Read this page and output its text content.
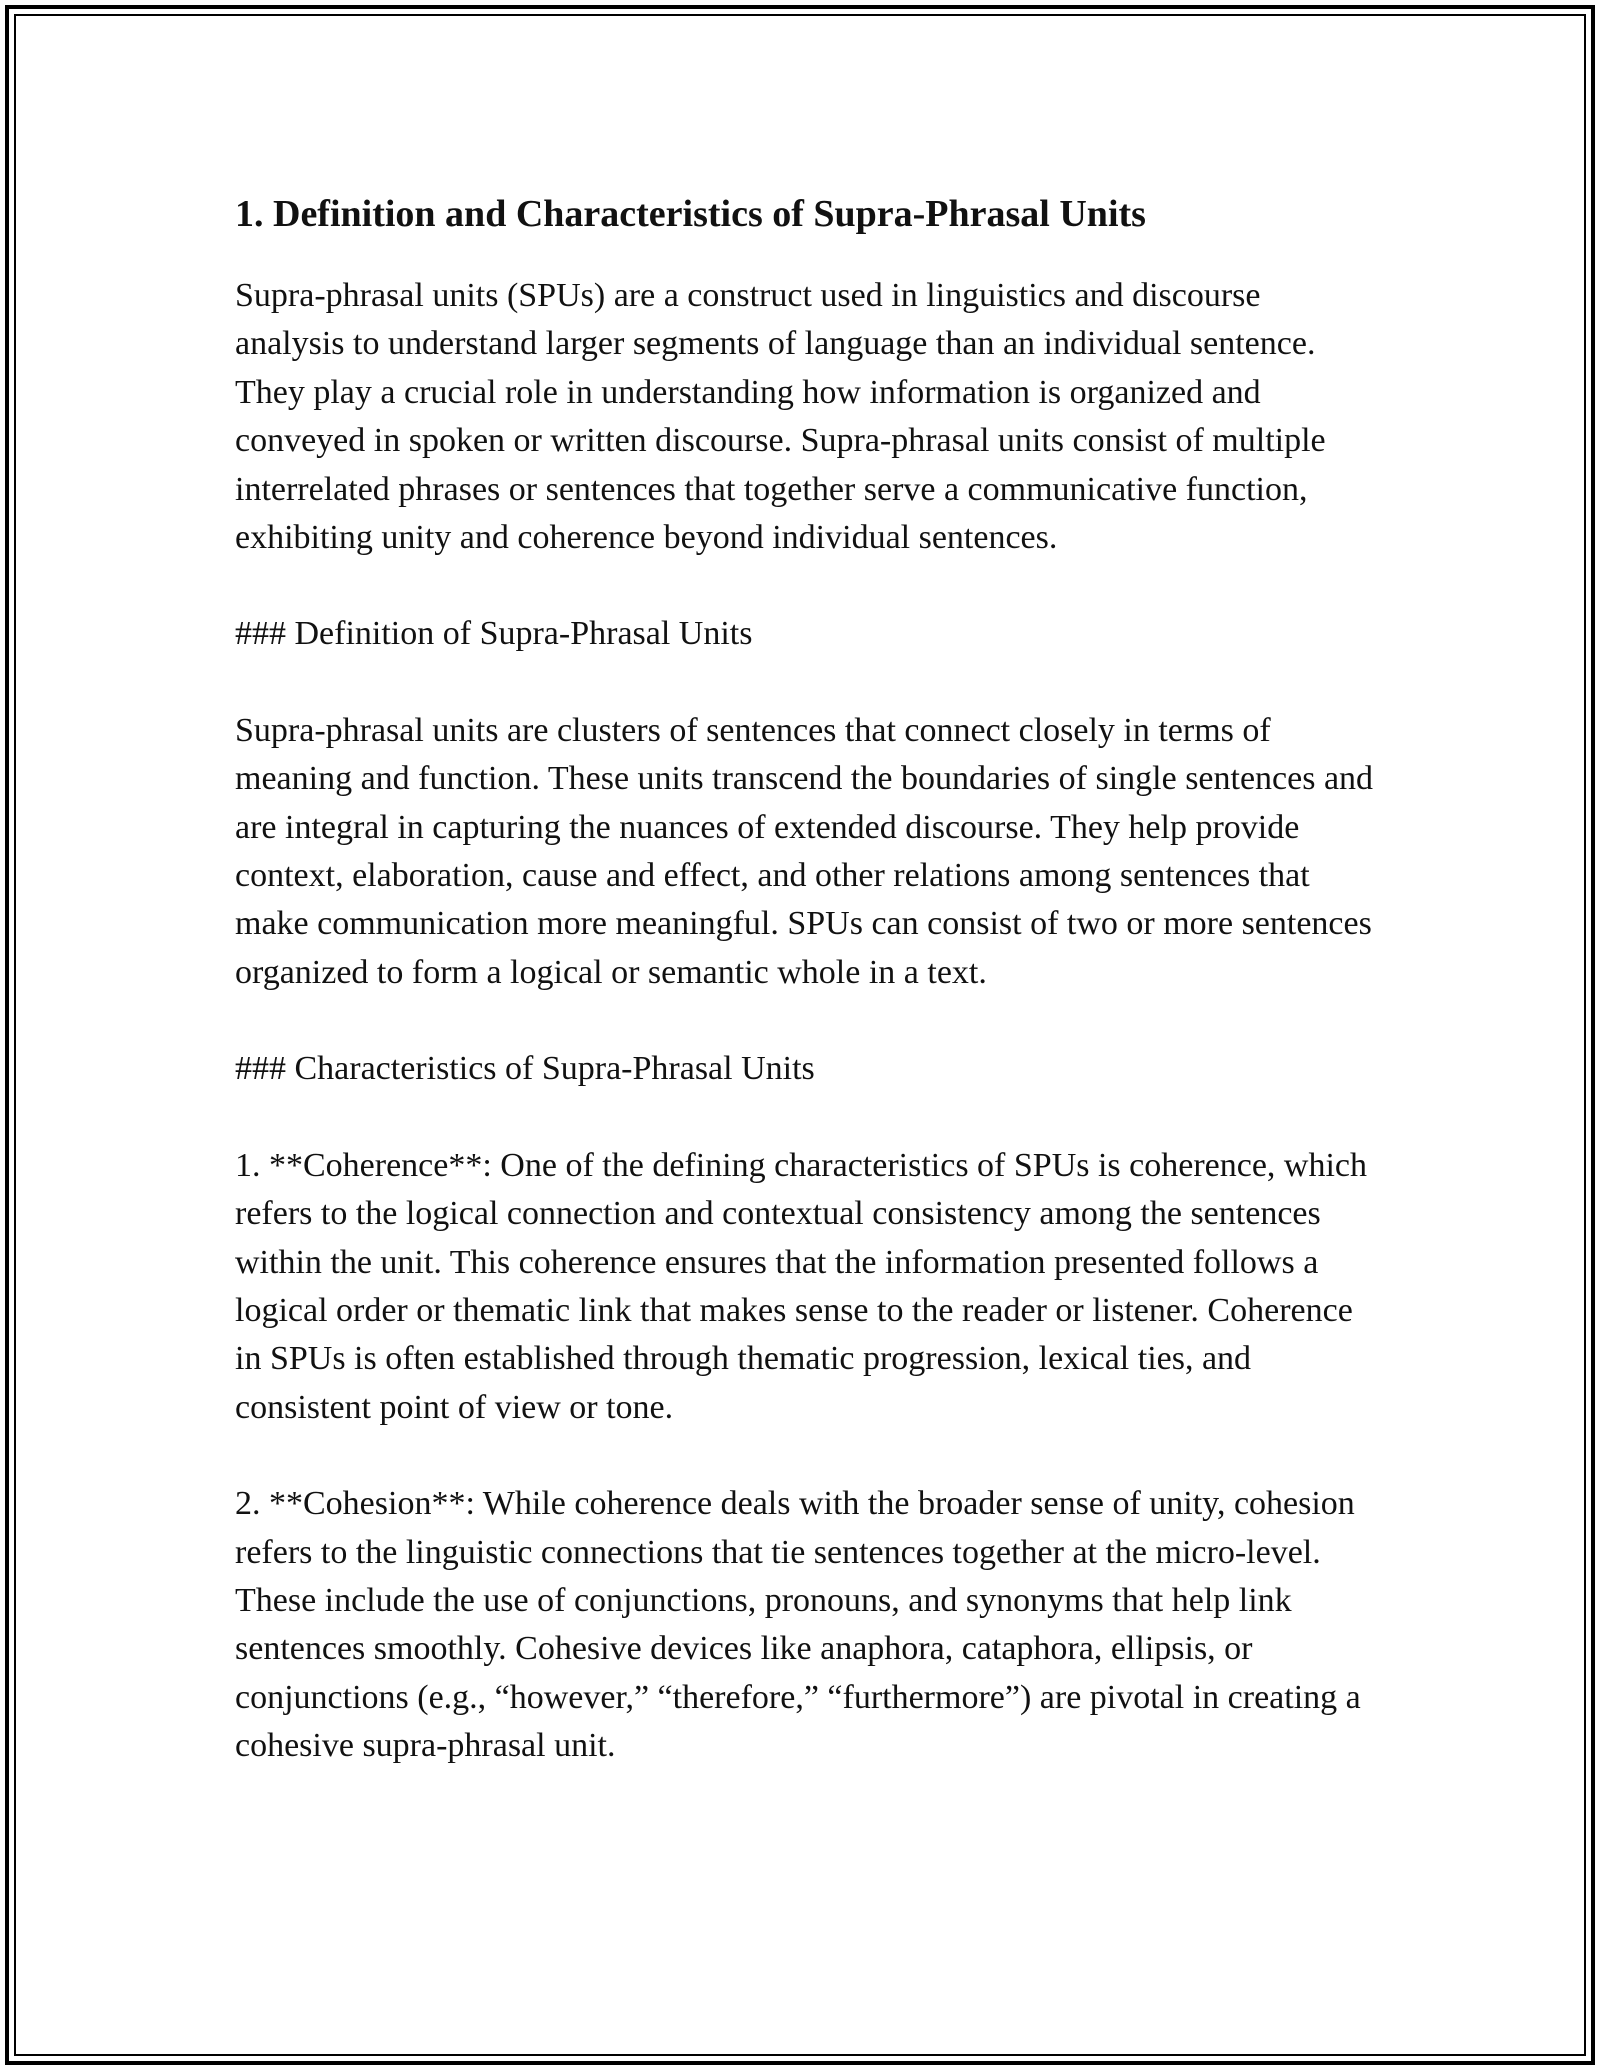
1. Definition and Characteristics of Supra-Phrasal Units

Supra-phrasal units (SPUs) are a construct used in linguistics and discourse analysis to understand larger segments of language than an individual sentence. They play a crucial role in understanding how information is organized and conveyed in spoken or written discourse. Supra-phrasal units consist of multiple interrelated phrases or sentences that together serve a communicative function, exhibiting unity and coherence beyond individual sentences.

### Definition of Supra-Phrasal Units

Supra-phrasal units are clusters of sentences that connect closely in terms of meaning and function. These units transcend the boundaries of single sentences and are integral in capturing the nuances of extended discourse. They help provide context, elaboration, cause and effect, and other relations among sentences that make communication more meaningful. SPUs can consist of two or more sentences organized to form a logical or semantic whole in a text.

### Characteristics of Supra-Phrasal Units

1. **Coherence**: One of the defining characteristics of SPUs is coherence, which refers to the logical connection and contextual consistency among the sentences within the unit. This coherence ensures that the information presented follows a logical order or thematic link that makes sense to the reader or listener. Coherence in SPUs is often established through thematic progression, lexical ties, and consistent point of view or tone.

2. **Cohesion**: While coherence deals with the broader sense of unity, cohesion refers to the linguistic connections that tie sentences together at the micro-level. These include the use of conjunctions, pronouns, and synonyms that help link sentences smoothly. Cohesive devices like anaphora, cataphora, ellipsis, or conjunctions (e.g., “however,” “therefore,” “furthermore”) are pivotal in creating a cohesive supra-phrasal unit.
